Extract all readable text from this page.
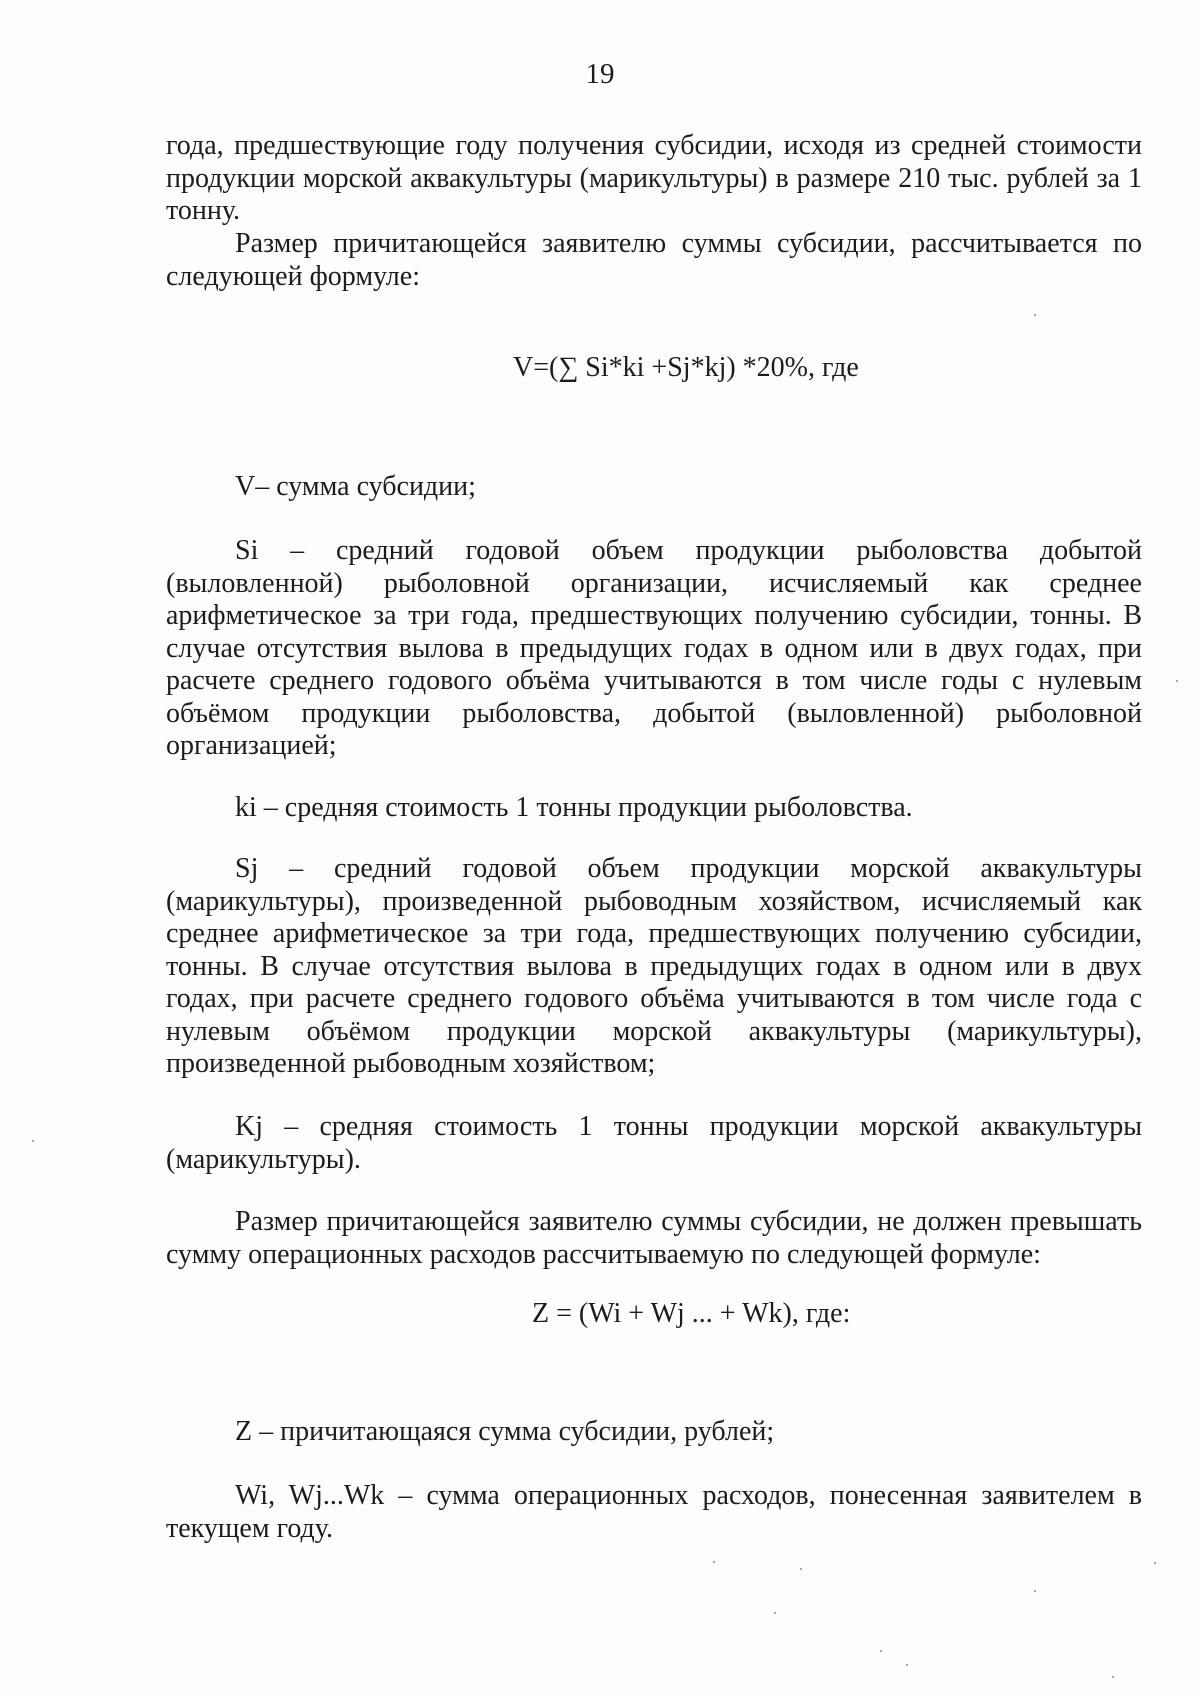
19

года, предшествующие году получения субсидии, исходя из средней стоимости продукции морской аквакультуры (марикультуры) в размере 210 тыс. рублей за 1 тонну.

Размер причитающейся заявителю суммы субсидии, рассчитывается по следующей формуле:

V=(∑ Si*ki +Sj*kj) *20%, где

V– сумма субсидии;

Si – средний годовой объем продукции рыболовства добытой (выловленной) рыболовной организации, исчисляемый как среднее арифметическое за три года, предшествующих получению субсидии, тонны. В случае отсутствия вылова в предыдущих годах в одном или в двух годах, при расчете среднего годового объёма учитываются в том числе годы с нулевым объёмом продукции рыболовства, добытой (выловленной) рыболовной организацией;

ki – средняя стоимость 1 тонны продукции рыболовства.

Sj – средний годовой объем продукции морской аквакультуры (марикультуры), произведенной рыбоводным хозяйством, исчисляемый как среднее арифметическое за три года, предшествующих получению субсидии, тонны. В случае отсутствия вылова в предыдущих годах в одном или в двух годах, при расчете среднего годового объёма учитываются в том числе года с нулевым объёмом продукции морской аквакультуры (марикультуры), произведенной рыбоводным хозяйством;

Kj – средняя стоимость 1 тонны продукции морской аквакультуры (марикультуры).

Размер причитающейся заявителю суммы субсидии, не должен превышать сумму операционных расходов рассчитываемую по следующей формуле:

Z = (Wi + Wj ... + Wk), где:

Z – причитающаяся сумма субсидии, рублей;

Wi, Wj...Wk – сумма операционных расходов, понесенная заявителем в текущем году.
